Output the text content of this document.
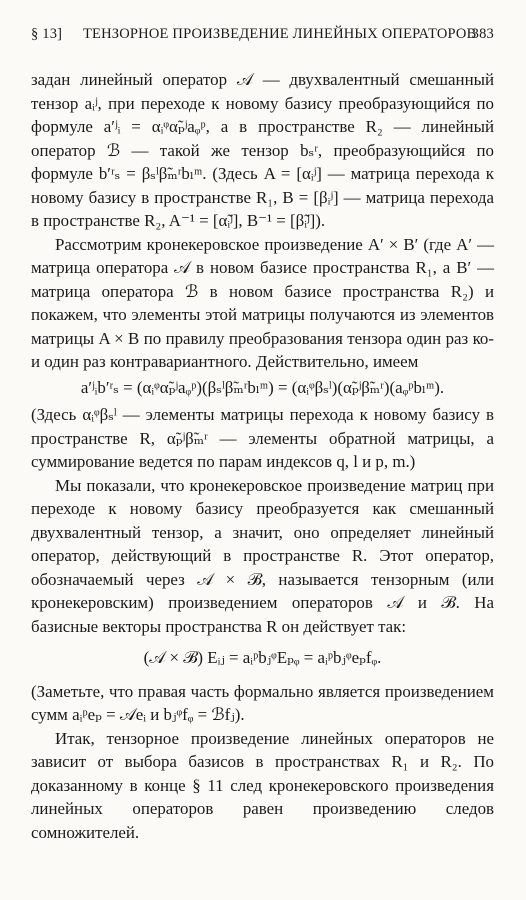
§ 13] ТЕНЗОРНОЕ ПРОИЗВЕДЕНИЕ ЛИНЕЙНЫХ ОПЕРАТОРОВ
383

задан линейный оператор 𝒜 — двухвалентный смешанный тензор aᵢʲ, при переходе к новому базису преобразующийся по формуле a′ʲᵢ = αᵢᵠα̃ₚʲaᵩᵖ, а в пространстве R₂ — линейный оператор ℬ — такой же тензор bₛʳ, преобразующийся по формуле b′ʳₛ = βₛˡβ̃ₘʳbₗᵐ. (Здесь A = [αᵢʲ] — матрица перехода к новому базису в пространстве R₁, B = [βᵢʲ] — матрица перехода в пространстве R₂, A⁻¹ = [α̃ᵢʲ], B⁻¹ = [β̃ᵢʲ]).

Рассмотрим кронекеровское произведение A′ × B′ (где A′ — матрица оператора 𝒜 в новом базисе пространства R₁, а B′ — матрица оператора ℬ в новом базисе пространства R₂) и покажем, что элементы этой матрицы получаются из элементов матрицы A × B по правилу преобразования тензора один раз ко- и один раз контравариантного. Действительно, имеем

a′ʲᵢb′ʳₛ = (αᵢᵠα̃ₚʲaᵩᵖ)(βₛˡβ̃ₘʳbₗᵐ) = (αᵢᵠβₛˡ)(α̃ₚʲβ̃ₘʳ)(aᵩᵖbₗᵐ).

(Здесь αᵢᵠβₛˡ — элементы матрицы перехода к новому базису в пространстве R, α̃ₚʲβ̃ₘʳ — элементы обратной матрицы, а суммирование ведется по парам индексов q, l и p, m.)

Мы показали, что кронекеровское произведение матриц при переходе к новому базису преобразуется как смешанный двухвалентный тензор, а значит, оно определяет линейный оператор, действующий в пространстве R. Этот оператор, обозначаемый через 𝒜 × ℬ, называется тензорным (или кронекеровским) произведением операторов 𝒜 и ℬ. На базисные векторы пространства R он действует так:

(𝒜 × ℬ) Eᵢⱼ = aᵢᵖbⱼᵠEₚᵩ = aᵢᵖbⱼᵠeₚfᵩ.

(Заметьте, что правая часть формально является произведением сумм aᵢᵖeₚ = 𝒜eᵢ и bⱼᵠfᵩ = ℬfⱼ).

Итак, тензорное произведение линейных операторов не зависит от выбора базисов в пространствах R₁ и R₂. По доказанному в конце § 11 след кронекеровского произведения линейных операторов равен произведению следов сомножителей.
